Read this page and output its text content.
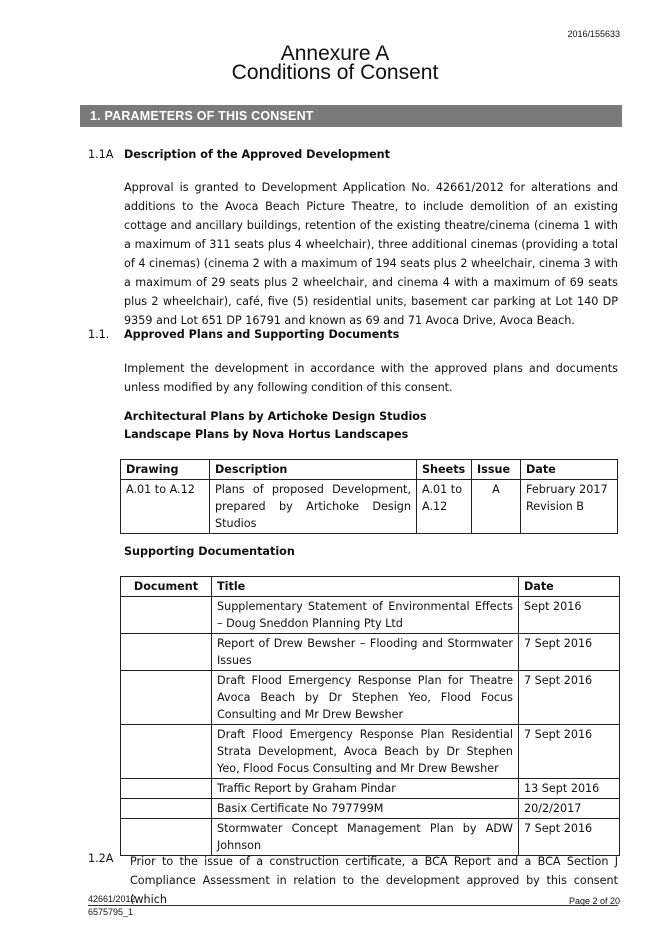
2016/155633
Annexure A
Conditions of Consent
1. PARAMETERS OF THIS CONSENT
1.1A Description of the Approved Development

Approval is granted to Development Application No. 42661/2012 for alterations and additions to the Avoca Beach Picture Theatre, to include demolition of an existing cottage and ancillary buildings, retention of the existing theatre/cinema (cinema 1 with a maximum of 311 seats plus 4 wheelchair), three additional cinemas (providing a total of 4 cinemas) (cinema 2 with a maximum of 194 seats plus 2 wheelchair, cinema 3 with a maximum of 29 seats plus 2 wheelchair, and cinema 4 with a maximum of 69 seats plus 2 wheelchair), café, five (5) residential units, basement car parking at Lot 140 DP 9359 and Lot 651 DP 16791 and known as 69 and 71 Avoca Drive, Avoca Beach.

1.1. Approved Plans and Supporting Documents

Implement the development in accordance with the approved plans and documents unless modified by any following condition of this consent.

Architectural Plans by Artichoke Design Studios
Landscape Plans by Nova Hortus Landscapes
Drawing	Description	Sheets	Issue	Date
A.01 to A.12	Plans of proposed Development, prepared by Artichoke Design Studios	A.01 to A.12	A	February 2017 Revision B
Supporting Documentation
Document	Title	Date
	Supplementary Statement of Environmental Effects – Doug Sneddon Planning Pty Ltd	Sept 2016
	Report of Drew Bewsher – Flooding and Stormwater Issues	7 Sept 2016
	Draft Flood Emergency Response Plan for Theatre Avoca Beach by Dr Stephen Yeo, Flood Focus Consulting and Mr Drew Bewsher	7 Sept 2016
	Draft Flood Emergency Response Plan Residential Strata Development, Avoca Beach by Dr Stephen Yeo, Flood Focus Consulting and Mr Drew Bewsher	7 Sept 2016
	Traffic Report by Graham Pindar	13 Sept 2016
	Basix Certificate No 797799M	20/2/2017
	Stormwater Concept Management Plan by ADW Johnson	7 Sept 2016
1.2A Prior to the issue of a construction certificate, a BCA Report and a BCA Section J Compliance Assessment in relation to the development approved by this consent (which

42661/2012
6575795_1
Page 2 of 20
